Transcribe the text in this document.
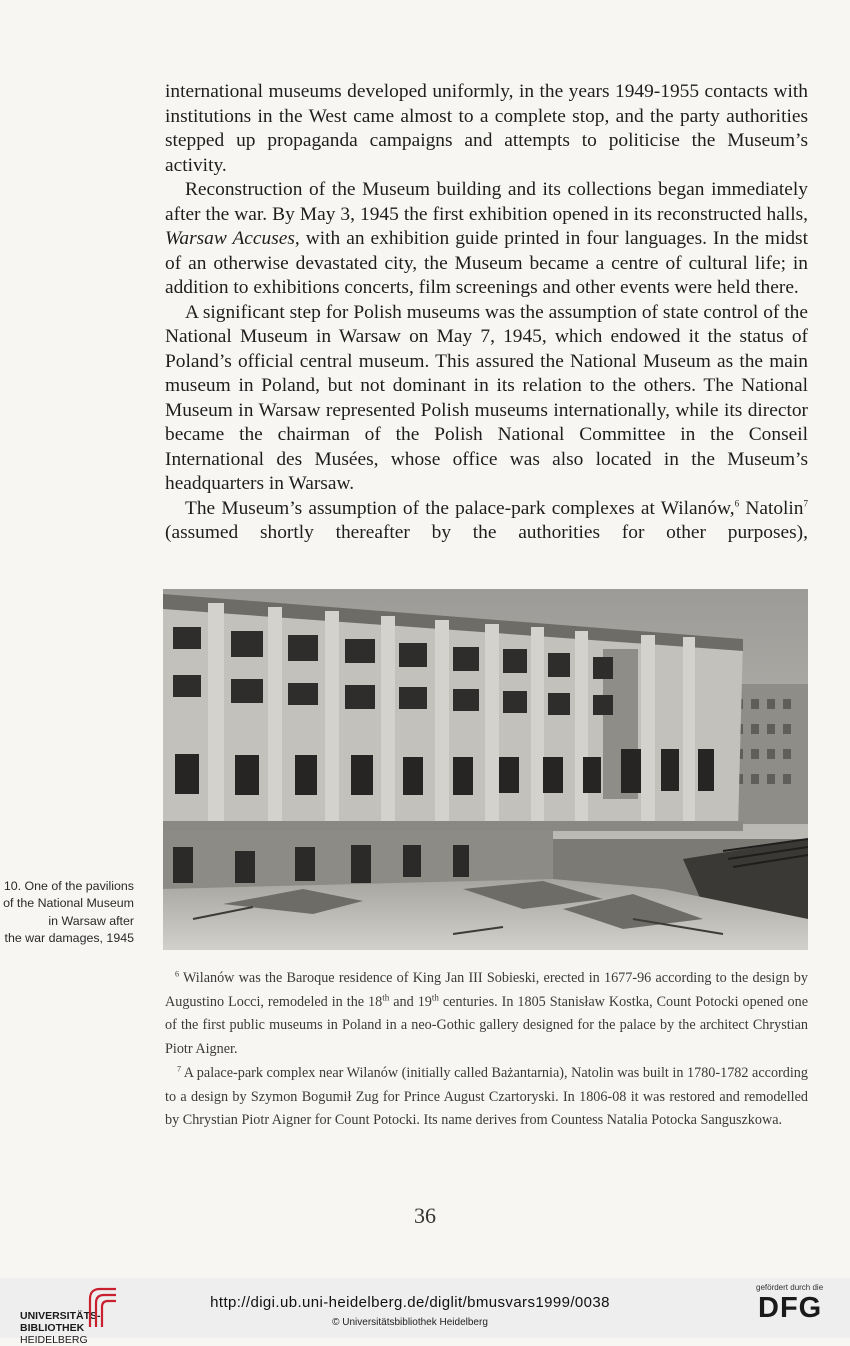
international museums developed uniformly, in the years 1949-1955 contacts with institutions in the West came almost to a complete stop, and the party authorities stepped up propaganda campaigns and attempts to politicise the Museum’s activity.

Reconstruction of the Museum building and its collections began immediately after the war. By May 3, 1945 the first exhibition opened in its reconstructed halls, Warsaw Accuses, with an exhibition guide printed in four languages. In the midst of an otherwise devastated city, the Museum became a centre of cultural life; in addition to exhibitions concerts, film screenings and other events were held there.

A significant step for Polish museums was the assumption of state control of the National Museum in Warsaw on May 7, 1945, which endowed it the status of Poland’s official central museum. This assured the National Museum as the main museum in Poland, but not dominant in its relation to the others. The National Museum in Warsaw represented Polish museums internationally, while its director became the chairman of the Polish National Committee in the Conseil International des Musées, whose office was also located in the Museum’s headquarters in Warsaw.

The Museum’s assumption of the palace-park complexes at Wilanów,$^6$ Natolin$^7$ (assumed shortly thereafter by the authorities for other purposes),

10. One of the pavilions
of the National Museum
in Warsaw after
the war damages, 1945

$^6$ Wilanów was the Baroque residence of King Jan III Sobieski, erected in 1677-96 according to the design by Augustino Locci, remodeled in the 18th and 19th centuries. In 1805 Stanisław Kostka, Count Potocki opened one of the first public museums in Poland in a neo-Gothic gallery designed for the palace by the architect Chrystian Piotr Aigner.

$^7$ A palace-park complex near Wilanów (initially called Bażantarnia), Natolin was built in 1780-1782 according to a design by Szymon Bogumił Zug for Prince August Czartoryski. In 1806-08 it was restored and remodelled by Chrystian Piotr Aigner for Count Potocki. Its name derives from Countess Natalia Potocka Sanguszkowa.

36
UNIVERSITÄTS-
BIBLIOTHEK
HEIDELBERG
http://digi.ub.uni-heidelberg.de/diglit/bmusvars1999/0038
© Universitätsbibliothek Heidelberg
gefördert durch die
DFG
